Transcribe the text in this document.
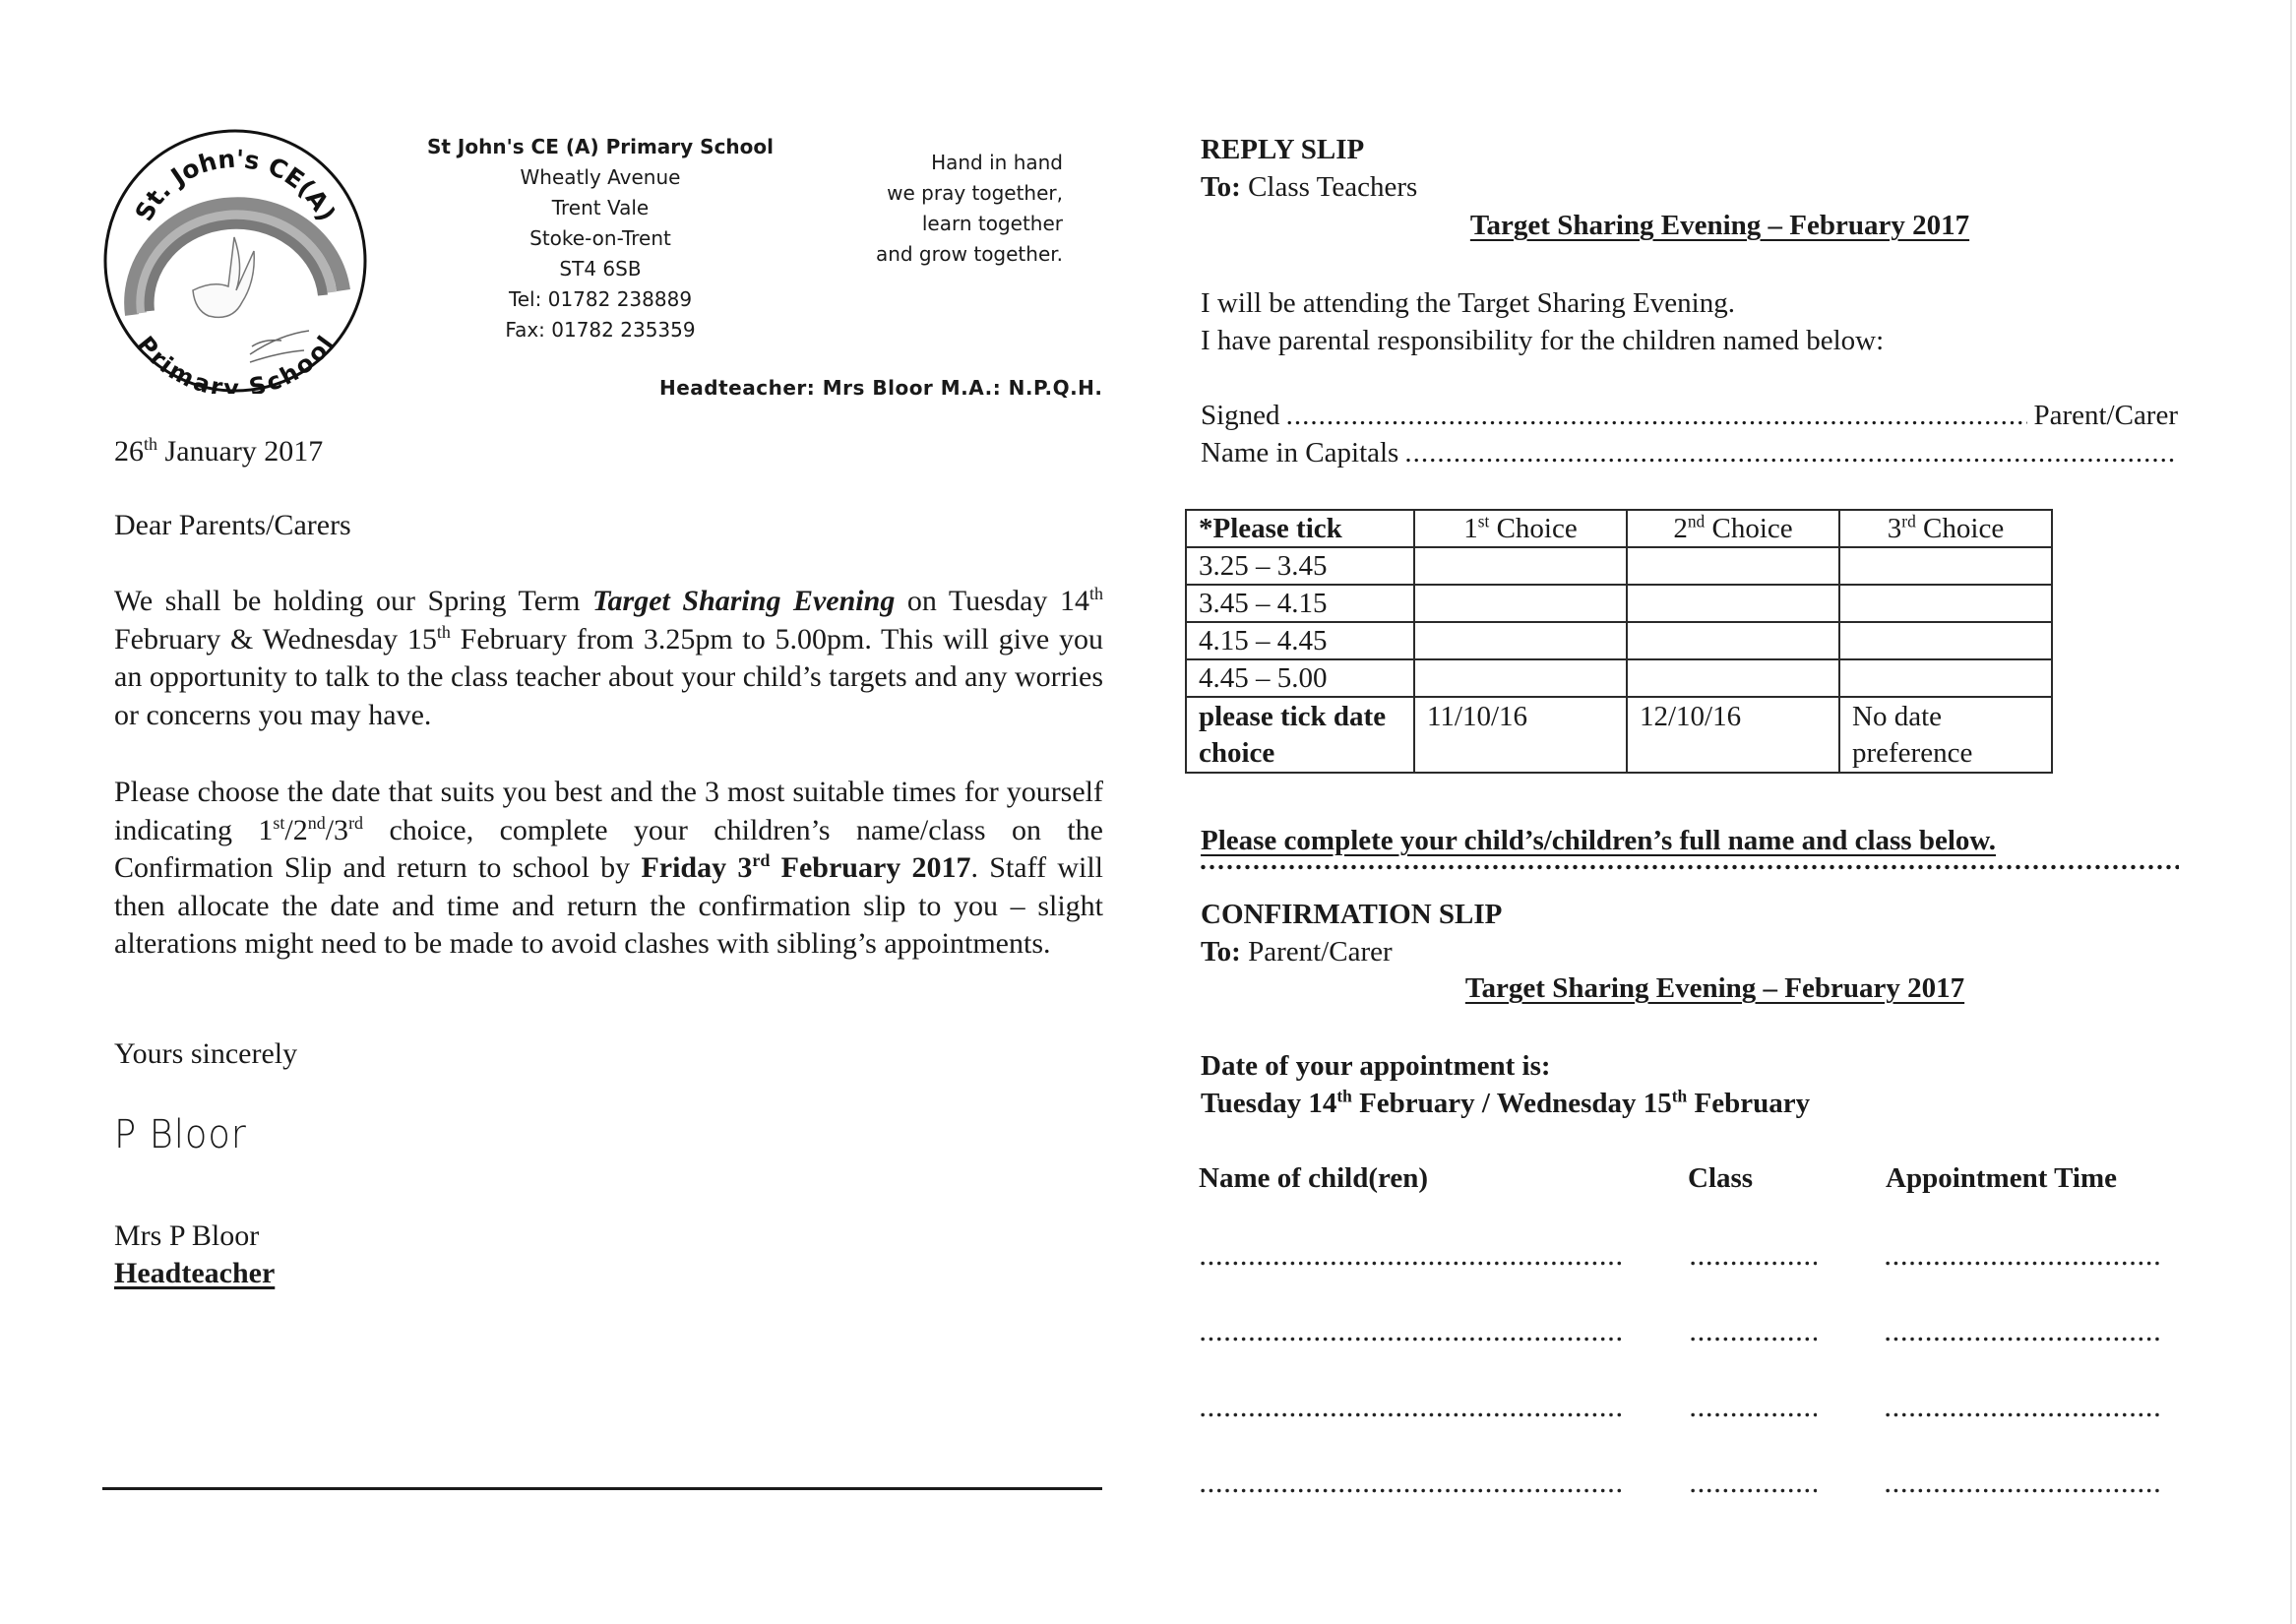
St. John's CE(A)
Primary School
St John's CE (A) Primary School
Wheatly Avenue
Trent Vale
Stoke-on-Trent
ST4 6SB
Tel: 01782 238889
Fax: 01782 235359
Hand in hand
we pray together,
learn together
and grow together.
Headteacher: Mrs Bloor M.A.: N.P.Q.H.
26th January 2017
Dear Parents/Carers
We shall be holding our Spring Term Target Sharing Evening on Tuesday 14th February & Wednesday 15th February from 3.25pm to 5.00pm. This will give you an opportunity to talk to the class teacher about your child’s targets and any worries or concerns you may have.
Please choose the date that suits you best and the 3 most suitable times for yourself indicating 1st/2nd/3rd choice, complete your children’s name/class on the Confirmation Slip and return to school by Friday 3rd February 2017. Staff will then allocate the date and time and return the confirmation slip to you – slight alterations might need to be made to avoid clashes with sibling’s appointments.
Yours sincerely
P Bloor
Mrs P Bloor
Headteacher
REPLY SLIP
To: Class Teachers
Target Sharing Evening – February 2017
I will be attending the Target Sharing Evening.
I have parental responsibility for the children named below:
Signed .....	Parent/Carer
Name in Capitals
.....
*Please tick	1st Choice	2nd Choice	3rd Choice
3.25 – 3.45			
3.45 – 4.15			
4.15 – 4.45			
4.45 – 5.00			
please tick date choice	11/10/16	12/10/16	No date preference
Please complete your child’s/children’s full name and class below.
CONFIRMATION SLIP
To: Parent/Carer
Target Sharing Evening – February 2017
Date of your appointment is:
Tuesday 14th February / Wednesday 15th February
Name of child(ren)	Class	Appointment Time
